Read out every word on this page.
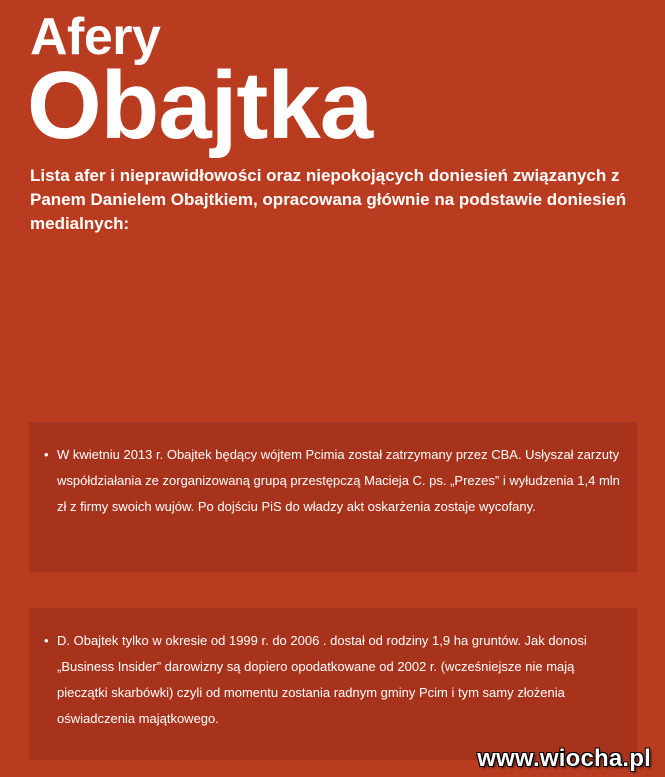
Afery
Obajtka
Lista afer i nieprawidłowości oraz niepokojących doniesień związanych z Panem Danielem Obajtkiem, opracowana głównie na podstawie doniesień medialnych:
• W kwietniu 2013 r. Obajtek będący wójtem Pcimia został zatrzymany przez CBA. Usłyszał zarzuty współdziałania ze zorganizowaną grupą przestępczą Macieja C. ps. „Prezes” i wyłudzenia 1,4 mln zł z firmy swoich wujów. Po dojściu PiS do władzy akt oskarżenia zostaje wycofany.
• D. Obajtek tylko w okresie od 1999 r. do 2006 . dostał od rodziny 1,9 ha gruntów. Jak donosi „Business Insider” darowizny są dopiero opodatkowane od 2002 r. (wcześniejsze nie mają pieczątki skarbówki) czyli od momentu zostania radnym gminy Pcim i tym samy złożenia oświadczenia majątkowego.
www.wiocha.pl
